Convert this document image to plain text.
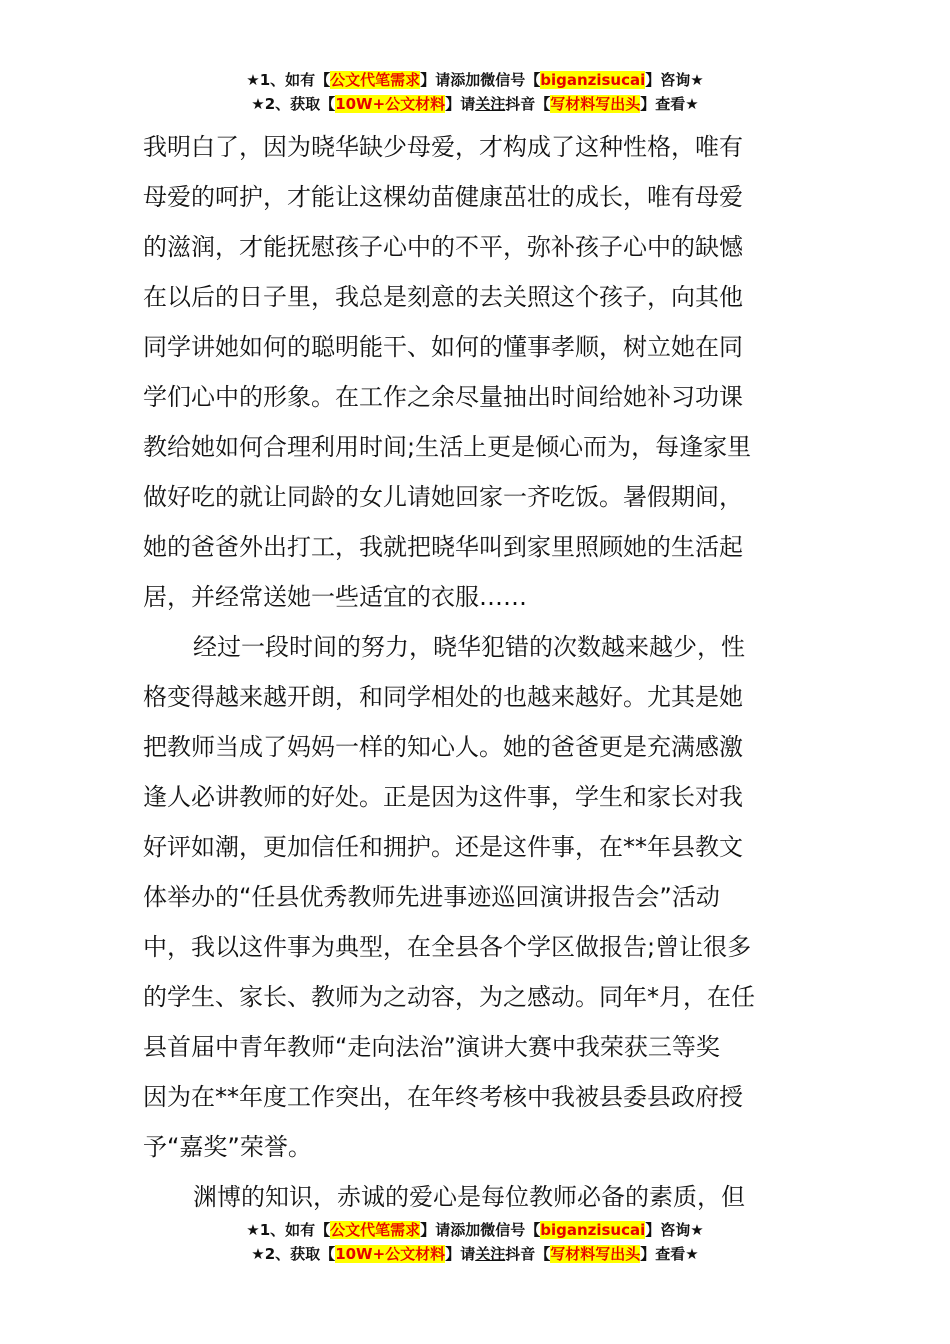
★1、如有【公文代笔需求】请添加微信号【biganzisucai】咨询★
★2、获取【10W+公文材料】请关注抖音【写材料写出头】查看★
我明白了，因为晓华缺少母爱，才构成了这种性格，唯有
母爱的呵护，才能让这棵幼苗健康茁壮的成长，唯有母爱
的滋润，才能抚慰孩子心中的不平，弥补孩子心中的缺憾
在以后的日子里，我总是刻意的去关照这个孩子，向其他
同学讲她如何的聪明能干、如何的懂事孝顺，树立她在同
学们心中的形象。在工作之余尽量抽出时间给她补习功课
教给她如何合理利用时间;生活上更是倾心而为，每逢家里
做好吃的就让同龄的女儿请她回家一齐吃饭。暑假期间，
她的爸爸外出打工，我就把晓华叫到家里照顾她的生活起
居，并经常送她一些适宜的衣服……
经过一段时间的努力，晓华犯错的次数越来越少，性
格变得越来越开朗，和同学相处的也越来越好。尤其是她
把教师当成了妈妈一样的知心人。她的爸爸更是充满感激
逢人必讲教师的好处。正是因为这件事，学生和家长对我
好评如潮，更加信任和拥护。还是这件事，在**年县教文
体举办的“任县优秀教师先进事迹巡回演讲报告会”活动
中，我以这件事为典型，在全县各个学区做报告;曾让很多
的学生、家长、教师为之动容，为之感动。同年*月，在任
县首届中青年教师“走向法治”演讲大赛中我荣获三等奖
因为在**年度工作突出，在年终考核中我被县委县政府授
予“嘉奖”荣誉。
渊博的知识，赤诚的爱心是每位教师必备的素质，但
★1、如有【公文代笔需求】请添加微信号【biganzisucai】咨询★
★2、获取【10W+公文材料】请关注抖音【写材料写出头】查看★
